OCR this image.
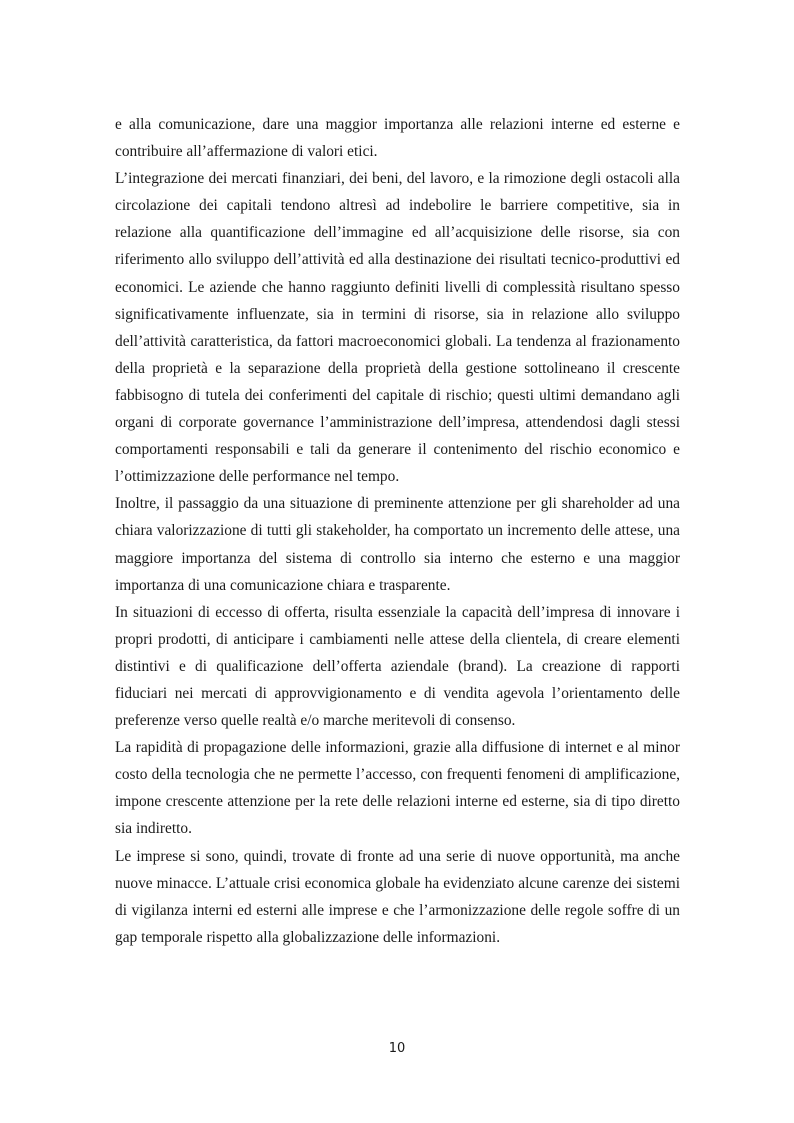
e alla comunicazione, dare una maggior importanza alle relazioni interne ed esterne e contribuire all’affermazione di valori etici.

L’integrazione dei mercati finanziari, dei beni, del lavoro, e la rimozione degli ostacoli alla circolazione dei capitali tendono altresì ad indebolire le barriere competitive, sia in relazione alla quantificazione dell’immagine ed all’acquisizione delle risorse, sia con riferimento allo sviluppo dell’attività ed alla destinazione dei risultati tecnico-produttivi ed economici. Le aziende che hanno raggiunto definiti livelli di complessità risultano spesso significativamente influenzate, sia in termini di risorse, sia in relazione allo sviluppo dell’attività caratteristica, da fattori macroeconomici globali. La tendenza al frazionamento della proprietà e la separazione della proprietà della gestione sottolineano il crescente fabbisogno di tutela dei conferimenti del capitale di rischio; questi ultimi demandano agli organi di corporate governance l’amministrazione dell’impresa, attendendosi dagli stessi comportamenti responsabili e tali da generare il contenimento del rischio economico e l’ottimizzazione delle performance nel tempo.

Inoltre, il passaggio da una situazione di preminente attenzione per gli shareholder ad una chiara valorizzazione di tutti gli stakeholder, ha comportato un incremento delle attese, una maggiore importanza del sistema di controllo sia interno che esterno e una maggior importanza di una comunicazione chiara e trasparente.

In situazioni di eccesso di offerta, risulta essenziale la capacità dell’impresa di innovare i propri prodotti, di anticipare i cambiamenti nelle attese della clientela, di creare elementi distintivi e di qualificazione dell’offerta aziendale (brand). La creazione di rapporti fiduciari nei mercati di approvvigionamento e di vendita agevola l’orientamento delle preferenze verso quelle realtà e/o marche meritevoli di consenso.

La rapidità di propagazione delle informazioni, grazie alla diffusione di internet e al minor costo della tecnologia che ne permette l’accesso, con frequenti fenomeni di amplificazione, impone crescente attenzione per la rete delle relazioni interne ed esterne, sia di tipo diretto sia indiretto.

Le imprese si sono, quindi, trovate di fronte ad una serie di nuove opportunità, ma anche nuove minacce. L’attuale crisi economica globale ha evidenziato alcune carenze dei sistemi di vigilanza interni ed esterni alle imprese e che l’armonizzazione delle regole soffre di un gap temporale rispetto alla globalizzazione delle informazioni.

10
